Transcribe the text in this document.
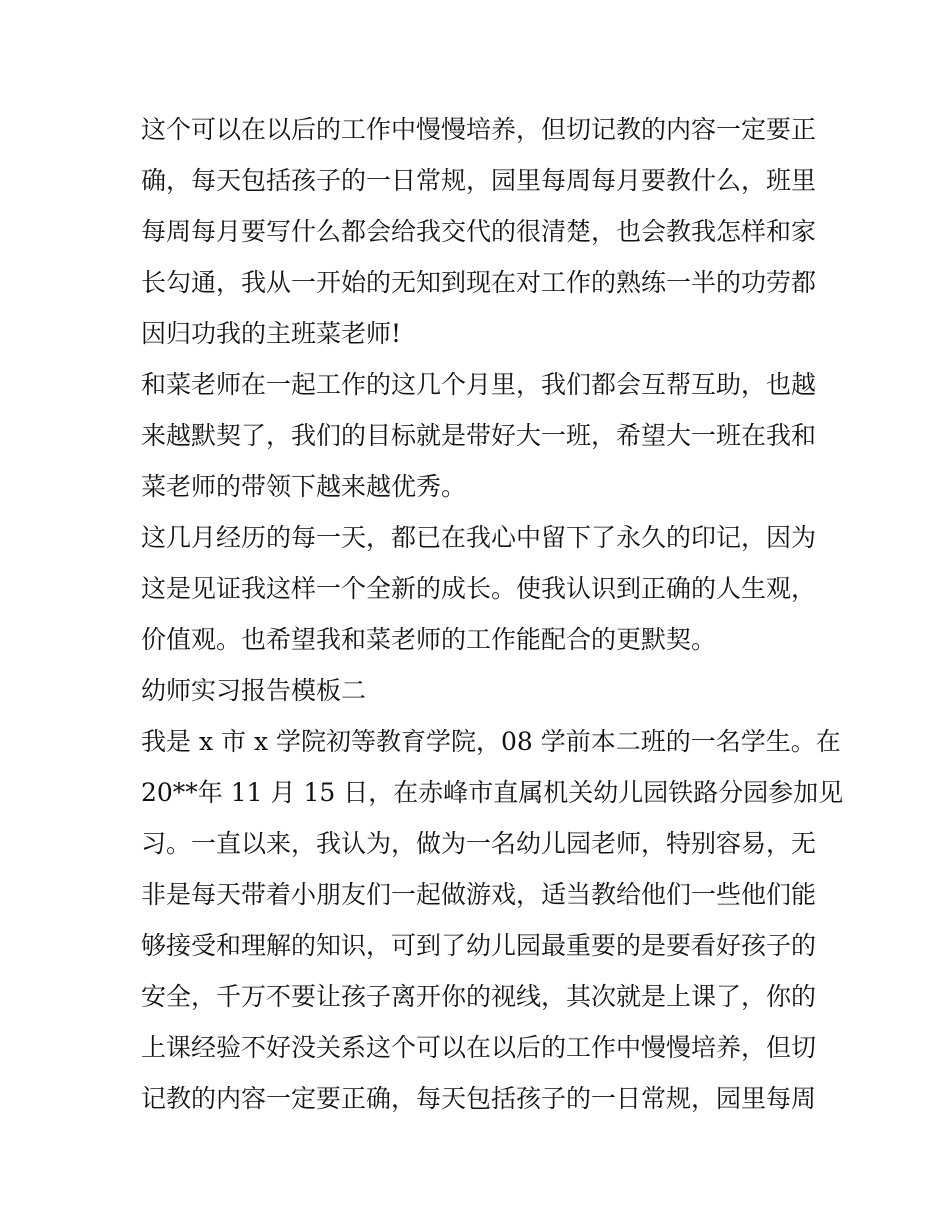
这个可以在以后的工作中慢慢培养，但切记教的内容一定要正
确，每天包括孩子的一日常规，园里每周每月要教什么，班里
每周每月要写什么都会给我交代的很清楚，也会教我怎样和家
长勾通，我从一开始的无知到现在对工作的熟练一半的功劳都
因归功我的主班菜老师!
和菜老师在一起工作的这几个月里，我们都会互帮互助，也越
来越默契了，我们的目标就是带好大一班，希望大一班在我和
菜老师的带领下越来越优秀。
这几月经历的每一天，都已在我心中留下了永久的印记，因为
这是见证我这样一个全新的成长。使我认识到正确的人生观，
价值观。也希望我和菜老师的工作能配合的更默契。
幼师实习报告模板二
我是 x 市 x 学院初等教育学院，08 学前本二班的一名学生。在
20**年 11 月 15 日，在赤峰市直属机关幼儿园铁路分园参加见
习。一直以来，我认为，做为一名幼儿园老师，特别容易，无
非是每天带着小朋友们一起做游戏，适当教给他们一些他们能
够接受和理解的知识，可到了幼儿园最重要的是要看好孩子的
安全，千万不要让孩子离开你的视线，其次就是上课了，你的
上课经验不好没关系这个可以在以后的工作中慢慢培养，但切
记教的内容一定要正确，每天包括孩子的一日常规，园里每周
